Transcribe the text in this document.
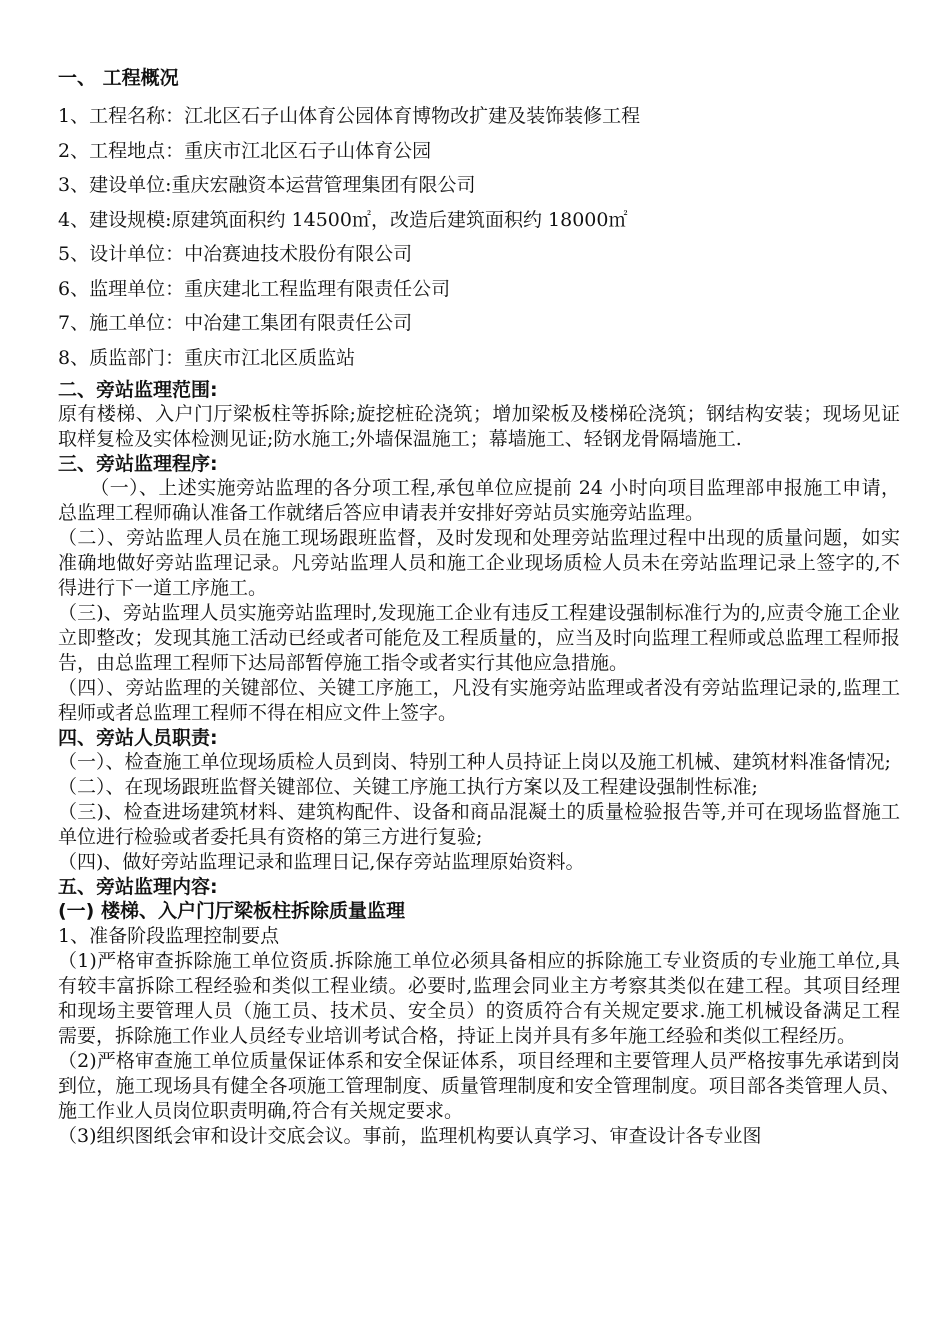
一、 工程概况
1、工程名称：江北区石子山体育公园体育博物改扩建及装饰装修工程
2、工程地点：重庆市江北区石子山体育公园
3、建设单位:重庆宏融资本运营管理集团有限公司
4、建设规模:原建筑面积约 14500㎡，改造后建筑面积约 18000㎡
5、设计单位：中冶赛迪技术股份有限公司
6、监理单位：重庆建北工程监理有限责任公司
7、施工单位：中冶建工集团有限责任公司
8、质监部门：重庆市江北区质监站
二、旁站监理范围:

原有楼梯、入户门厅梁板柱等拆除;旋挖桩砼浇筑；增加梁板及楼梯砼浇筑；钢结构安装；现场见证取样复检及实体检测见证;防水施工;外墙保温施工；幕墙施工、轻钢龙骨隔墙施工.

三、旁站监理程序:

（一）、上述实施旁站监理的各分项工程,承包单位应提前 24 小时向项目监理部申报施工申请，总监理工程师确认准备工作就绪后答应申请表并安排好旁站员实施旁站监理。

（二）、旁站监理人员在施工现场跟班监督，及时发现和处理旁站监理过程中出现的质量问题，如实准确地做好旁站监理记录。凡旁站监理人员和施工企业现场质检人员未在旁站监理记录上签字的,不得进行下一道工序施工。

（三)、旁站监理人员实施旁站监理时,发现施工企业有违反工程建设强制标准行为的,应责令施工企业立即整改；发现其施工活动已经或者可能危及工程质量的，应当及时向监理工程师或总监理工程师报告，由总监理工程师下达局部暂停施工指令或者实行其他应急措施。

（四）、旁站监理的关键部位、关键工序施工，凡没有实施旁站监理或者没有旁站监理记录的,监理工程师或者总监理工程师不得在相应文件上签字。

四、旁站人员职责:

（一）、检查施工单位现场质检人员到岗、特别工种人员持证上岗以及施工机械、建筑材料准备情况;

（二）、在现场跟班监督关键部位、关键工序施工执行方案以及工程建设强制性标准;

（三)、检查进场建筑材料、建筑构配件、设备和商品混凝土的质量检验报告等,并可在现场监督施工单位进行检验或者委托具有资格的第三方进行复验;

（四)、做好旁站监理记录和监理日记,保存旁站监理原始资料。

五、旁站监理内容:
(一) 楼梯、入户门厅梁板柱拆除质量监理
1、准备阶段监理控制要点

（1)严格审查拆除施工单位资质.拆除施工单位必须具备相应的拆除施工专业资质的专业施工单位,具有较丰富拆除工程经验和类似工程业绩。必要时,监理会同业主方考察其类似在建工程。其项目经理和现场主要管理人员（施工员、技术员、安全员）的资质符合有关规定要求.施工机械设备满足工程需要，拆除施工作业人员经专业培训考试合格，持证上岗并具有多年施工经验和类似工程经历。

（2)严格审查施工单位质量保证体系和安全保证体系，项目经理和主要管理人员严格按事先承诺到岗到位，施工现场具有健全各项施工管理制度、质量管理制度和安全管理制度。项目部各类管理人员、施工作业人员岗位职责明确,符合有关规定要求。

（3)组织图纸会审和设计交底会议。事前，监理机构要认真学习、审查设计各专业图
